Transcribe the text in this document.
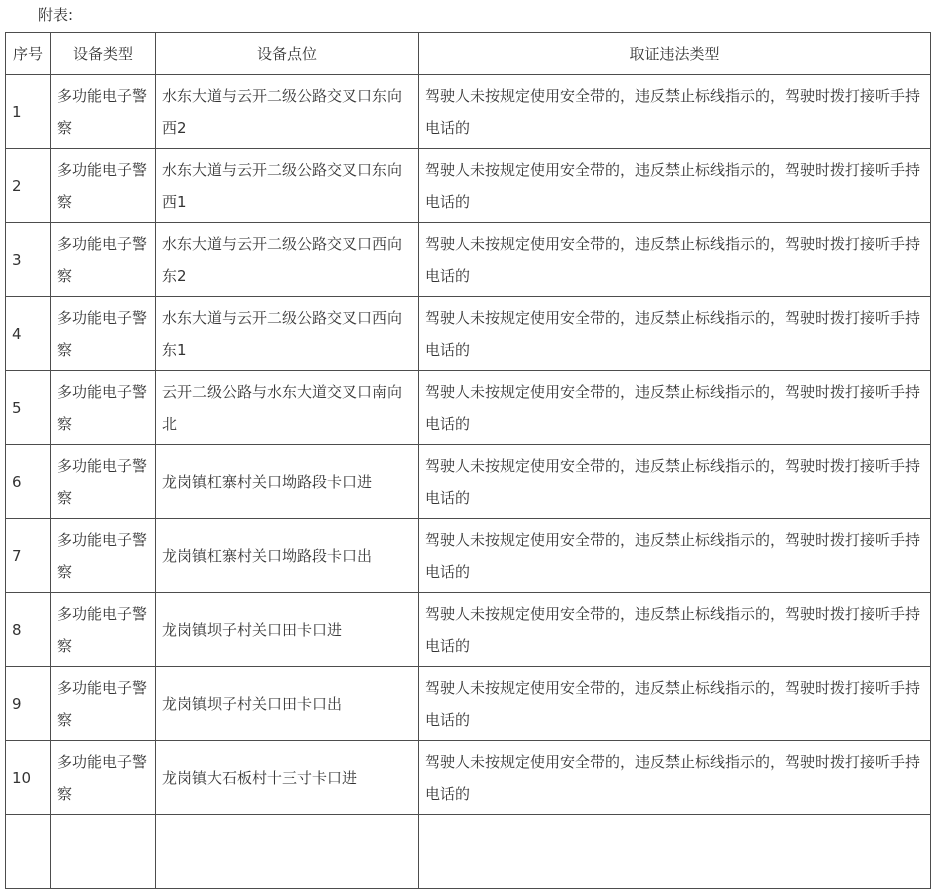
附表:
序号	设备类型	设备点位	取证违法类型
1	多功能电子警察	水东大道与云开二级公路交叉口东向西2	驾驶人未按规定使用安全带的，违反禁止标线指示的，驾驶时拨打接听手持电话的
2	多功能电子警察	水东大道与云开二级公路交叉口东向西1	驾驶人未按规定使用安全带的，违反禁止标线指示的，驾驶时拨打接听手持电话的
3	多功能电子警察	水东大道与云开二级公路交叉口西向东2	驾驶人未按规定使用安全带的，违反禁止标线指示的，驾驶时拨打接听手持电话的
4	多功能电子警察	水东大道与云开二级公路交叉口西向东1	驾驶人未按规定使用安全带的，违反禁止标线指示的，驾驶时拨打接听手持电话的
5	多功能电子警察	云开二级公路与水东大道交叉口南向北	驾驶人未按规定使用安全带的，违反禁止标线指示的，驾驶时拨打接听手持电话的
6	多功能电子警察	龙岗镇杠寨村关口坳路段卡口进	驾驶人未按规定使用安全带的，违反禁止标线指示的，驾驶时拨打接听手持电话的
7	多功能电子警察	龙岗镇杠寨村关口坳路段卡口出	驾驶人未按规定使用安全带的，违反禁止标线指示的，驾驶时拨打接听手持电话的
8	多功能电子警察	龙岗镇坝子村关口田卡口进	驾驶人未按规定使用安全带的，违反禁止标线指示的，驾驶时拨打接听手持电话的
9	多功能电子警察	龙岗镇坝子村关口田卡口出	驾驶人未按规定使用安全带的，违反禁止标线指示的，驾驶时拨打接听手持电话的
10	多功能电子警察	龙岗镇大石板村十三寸卡口进	驾驶人未按规定使用安全带的，违反禁止标线指示的，驾驶时拨打接听手持电话的
